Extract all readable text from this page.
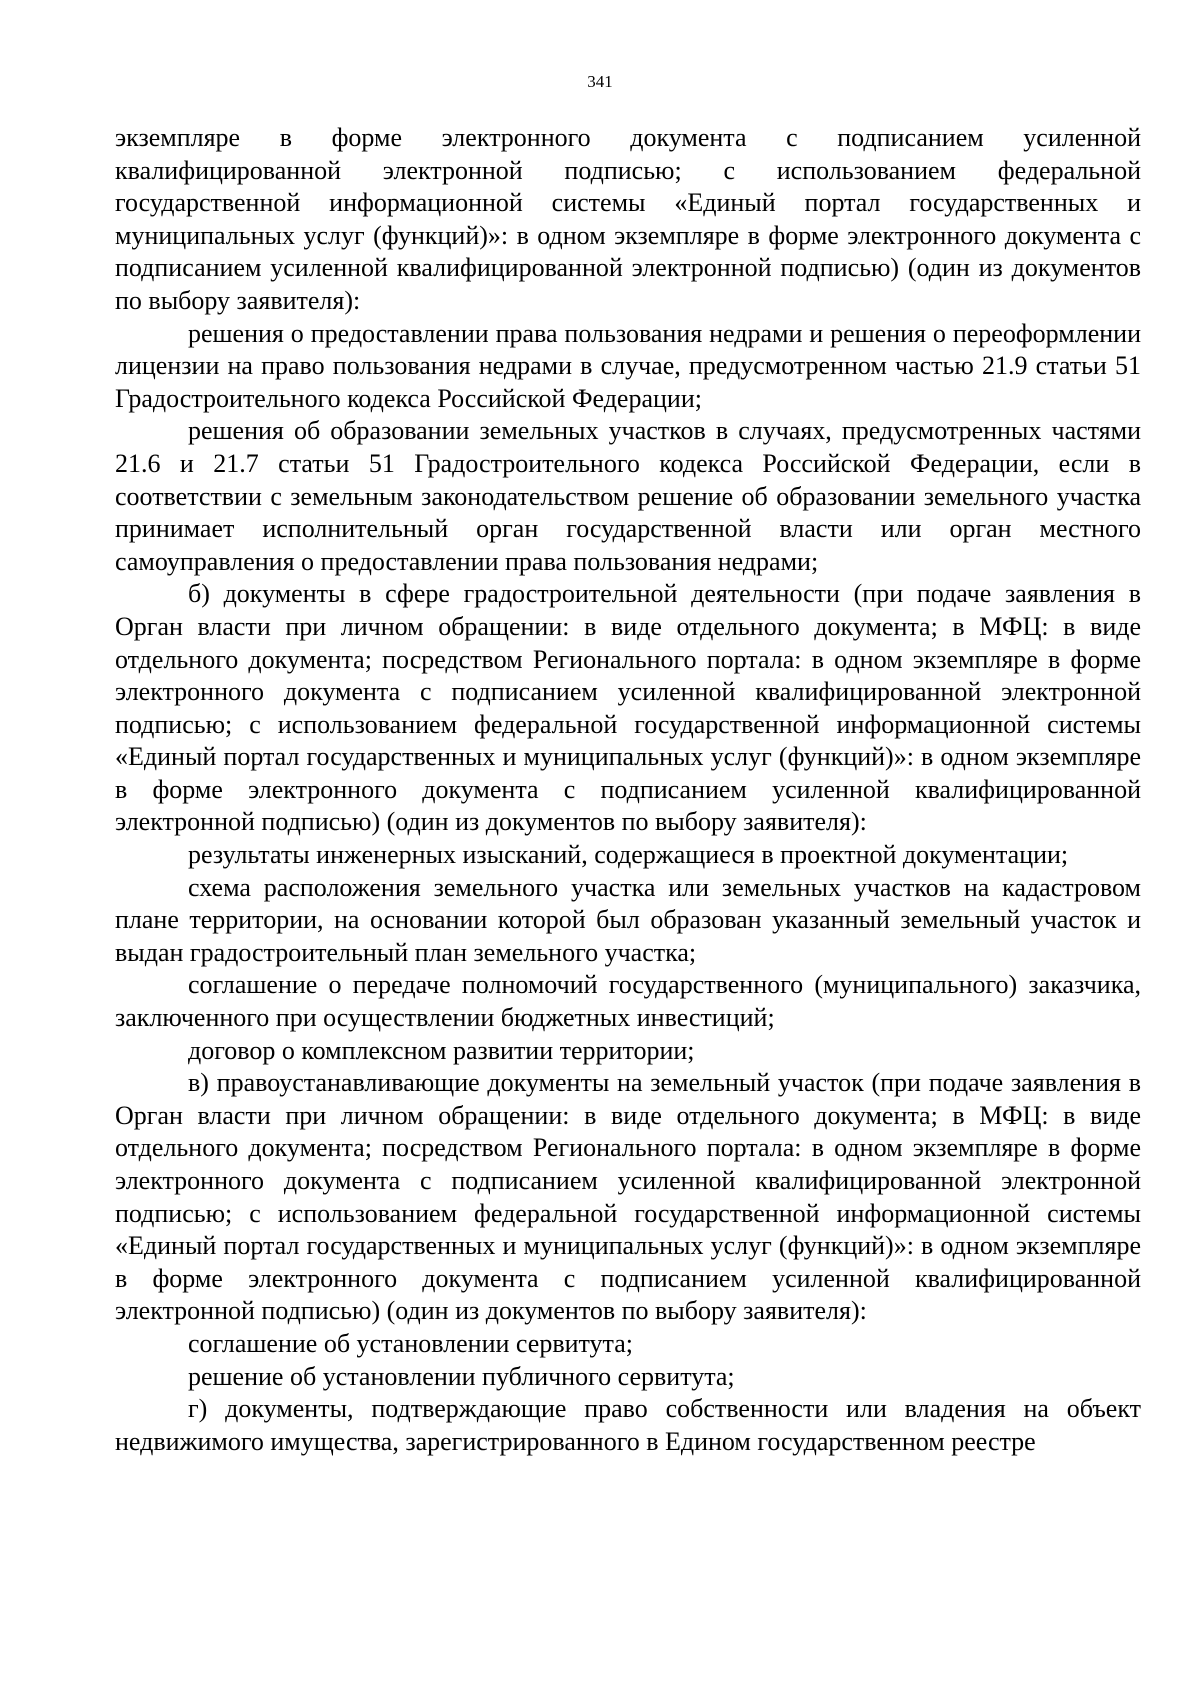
341

экземпляре в форме электронного документа с подписанием усиленной квалифицированной электронной подписью; с использованием федеральной государственной информационной системы «Единый портал государственных и муниципальных услуг (функций)»: в одном экземпляре в форме электронного документа с подписанием усиленной квалифицированной электронной подписью) (один из документов по выбору заявителя):

решения о предоставлении права пользования недрами и решения о переоформлении лицензии на право пользования недрами в случае, предусмотренном частью 21.9 статьи 51 Градостроительного кодекса Российской Федерации;

решения об образовании земельных участков в случаях, предусмотренных частями 21.6 и 21.7 статьи 51 Градостроительного кодекса Российской Федерации, если в соответствии с земельным законодательством решение об образовании земельного участка принимает исполнительный орган государственной власти или орган местного самоуправления о предоставлении права пользования недрами;

б) документы в сфере градостроительной деятельности (при подаче заявления в Орган власти при личном обращении: в виде отдельного документа; в МФЦ: в виде отдельного документа; посредством Регионального портала: в одном экземпляре в форме электронного документа с подписанием усиленной квалифицированной электронной подписью; с использованием федеральной государственной информационной системы «Единый портал государственных и муниципальных услуг (функций)»: в одном экземпляре в форме электронного документа с подписанием усиленной квалифицированной электронной подписью) (один из документов по выбору заявителя):

результаты инженерных изысканий, содержащиеся в проектной документации;

схема расположения земельного участка или земельных участков на кадастровом плане территории, на основании которой был образован указанный земельный участок и выдан градостроительный план земельного участка;

соглашение о передаче полномочий государственного (муниципального) заказчика, заключенного при осуществлении бюджетных инвестиций;

договор о комплексном развитии территории;

в) правоустанавливающие документы на земельный участок (при подаче заявления в Орган власти при личном обращении: в виде отдельного документа; в МФЦ: в виде отдельного документа; посредством Регионального портала: в одном экземпляре в форме электронного документа с подписанием усиленной квалифицированной электронной подписью; с использованием федеральной государственной информационной системы «Единый портал государственных и муниципальных услуг (функций)»: в одном экземпляре в форме электронного документа с подписанием усиленной квалифицированной электронной подписью) (один из документов по выбору заявителя):

соглашение об установлении сервитута;

решение об установлении публичного сервитута;

г) документы, подтверждающие право собственности или владения на объект недвижимого имущества, зарегистрированного в Едином государственном реестре
